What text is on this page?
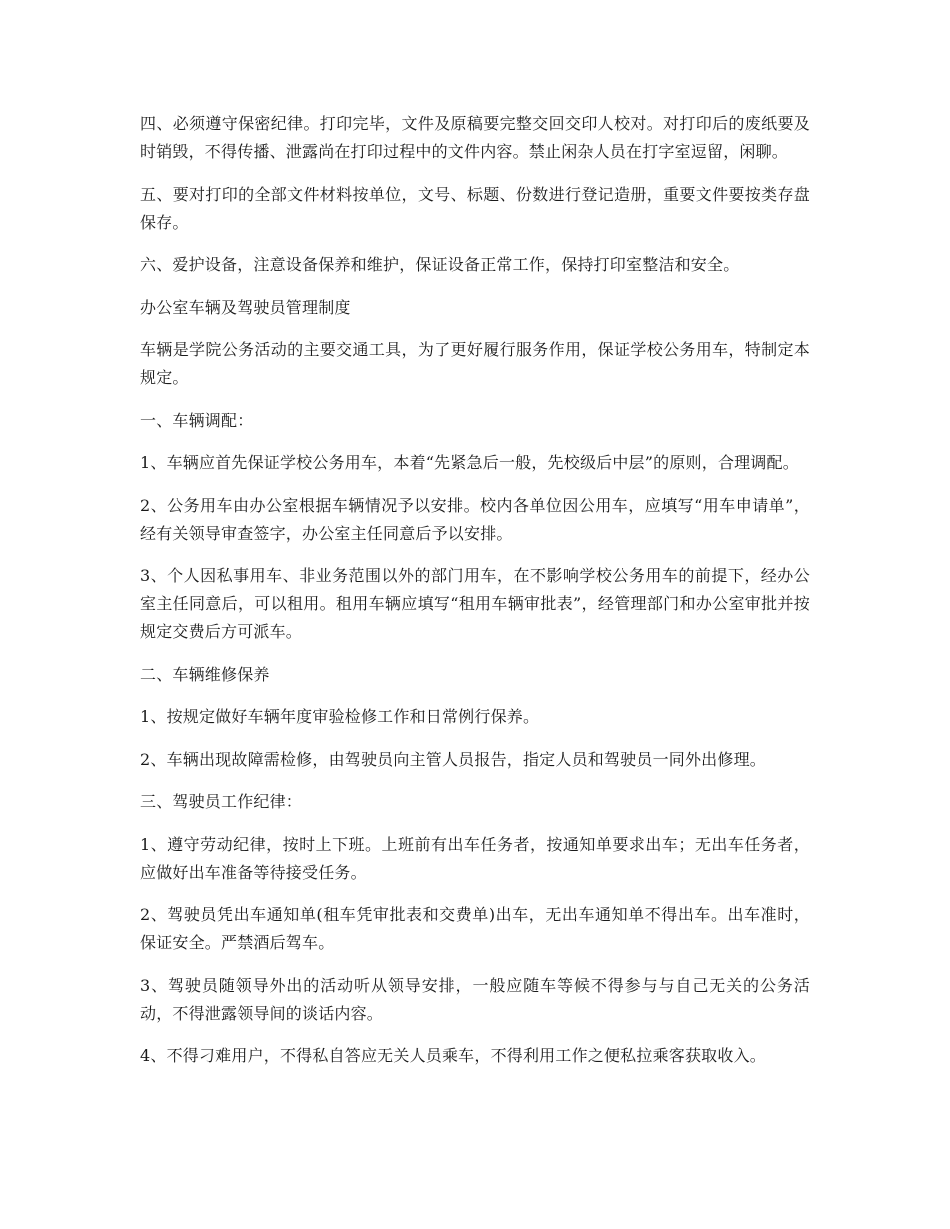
四、必须遵守保密纪律。打印完毕，文件及原稿要完整交回交印人校对。对打印后的废纸要及时销毁，不得传播、泄露尚在打印过程中的文件内容。禁止闲杂人员在打字室逗留，闲聊。

五、要对打印的全部文件材料按单位，文号、标题、份数进行登记造册，重要文件要按类存盘保存。

六、爱护设备，注意设备保养和维护，保证设备正常工作，保持打印室整洁和安全。

办公室车辆及驾驶员管理制度

车辆是学院公务活动的主要交通工具，为了更好履行服务作用，保证学校公务用车，特制定本规定。

一、车辆调配：

1、车辆应首先保证学校公务用车，本着“先紧急后一般，先校级后中层”的原则，合理调配。

2、公务用车由办公室根据车辆情况予以安排。校内各单位因公用车，应填写“用车申请单”，经有关领导审查签字，办公室主任同意后予以安排。

3、个人因私事用车、非业务范围以外的部门用车，在不影响学校公务用车的前提下，经办公室主任同意后，可以租用。租用车辆应填写“租用车辆审批表”，经管理部门和办公室审批并按规定交费后方可派车。

二、车辆维修保养

1、按规定做好车辆年度审验检修工作和日常例行保养。

2、车辆出现故障需检修，由驾驶员向主管人员报告，指定人员和驾驶员一同外出修理。

三、驾驶员工作纪律：

1、遵守劳动纪律，按时上下班。上班前有出车任务者，按通知单要求出车；无出车任务者，应做好出车准备等待接受任务。

2、驾驶员凭出车通知单(租车凭审批表和交费单)出车，无出车通知单不得出车。出车准时，保证安全。严禁酒后驾车。

3、驾驶员随领导外出的活动听从领导安排，一般应随车等候不得参与与自己无关的公务活动，不得泄露领导间的谈话内容。

4、不得刁难用户，不得私自答应无关人员乘车，不得利用工作之便私拉乘客获取收入。
